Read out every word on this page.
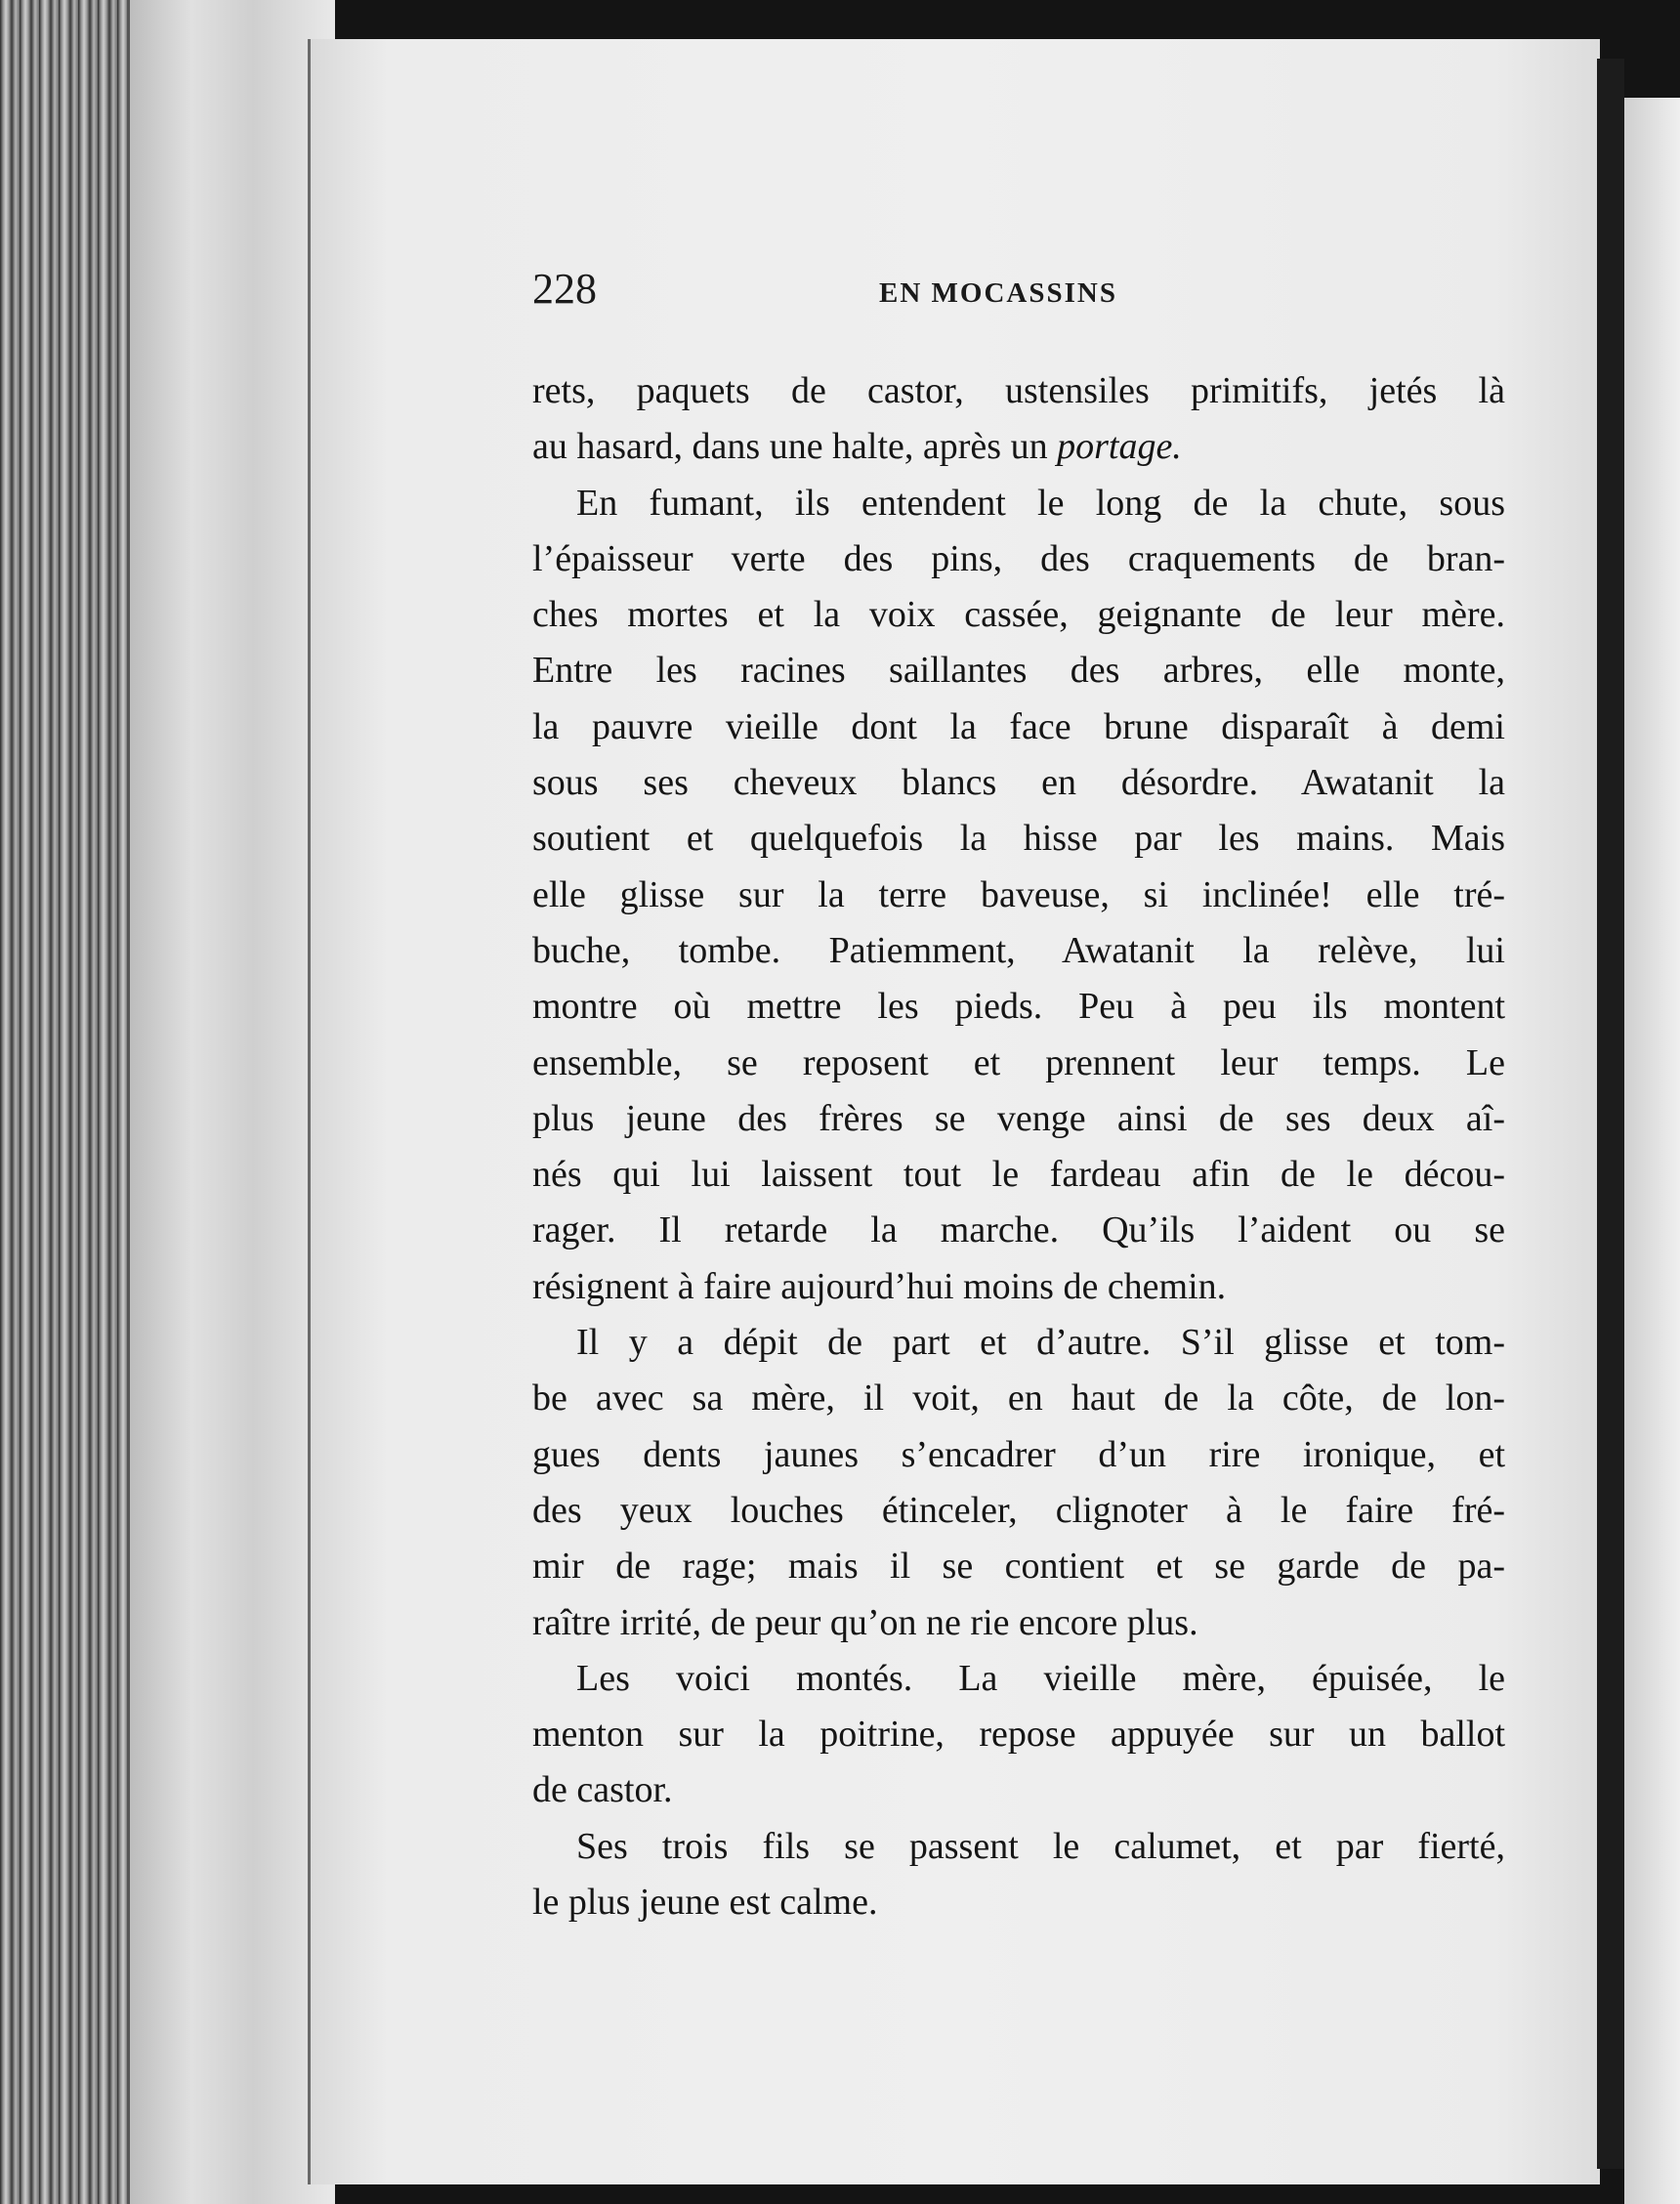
228	EN MOCASSINS
rets, paquets de castor, ustensiles primitifs, jetés là
au hasard, dans une halte, après un portage.
En fumant, ils entendent le long de la chute, sous
l’épaisseur verte des pins, des craquements de bran-
ches mortes et la voix cassée, geignante de leur mère.
Entre les racines saillantes des arbres, elle monte,
la pauvre vieille dont la face brune disparaît à demi
sous ses cheveux blancs en désordre. Awatanit la
soutient et quelquefois la hisse par les mains. Mais
elle glisse sur la terre baveuse, si inclinée! elle tré-
buche, tombe. Patiemment, Awatanit la relève, lui
montre où mettre les pieds. Peu à peu ils montent
ensemble, se reposent et prennent leur temps. Le
plus jeune des frères se venge ainsi de ses deux aî-
nés qui lui laissent tout le fardeau afin de le décou-
rager. Il retarde la marche. Qu’ils l’aident ou se
résignent à faire aujourd’hui moins de chemin.
Il y a dépit de part et d’autre. S’il glisse et tom-
be avec sa mère, il voit, en haut de la côte, de lon-
gues dents jaunes s’encadrer d’un rire ironique, et
des yeux louches étinceler, clignoter à le faire fré-
mir de rage; mais il se contient et se garde de pa-
raître irrité, de peur qu’on ne rie encore plus.
Les voici montés. La vieille mère, épuisée, le
menton sur la poitrine, repose appuyée sur un ballot
de castor.
Ses trois fils se passent le calumet, et par fierté,
le plus jeune est calme.
